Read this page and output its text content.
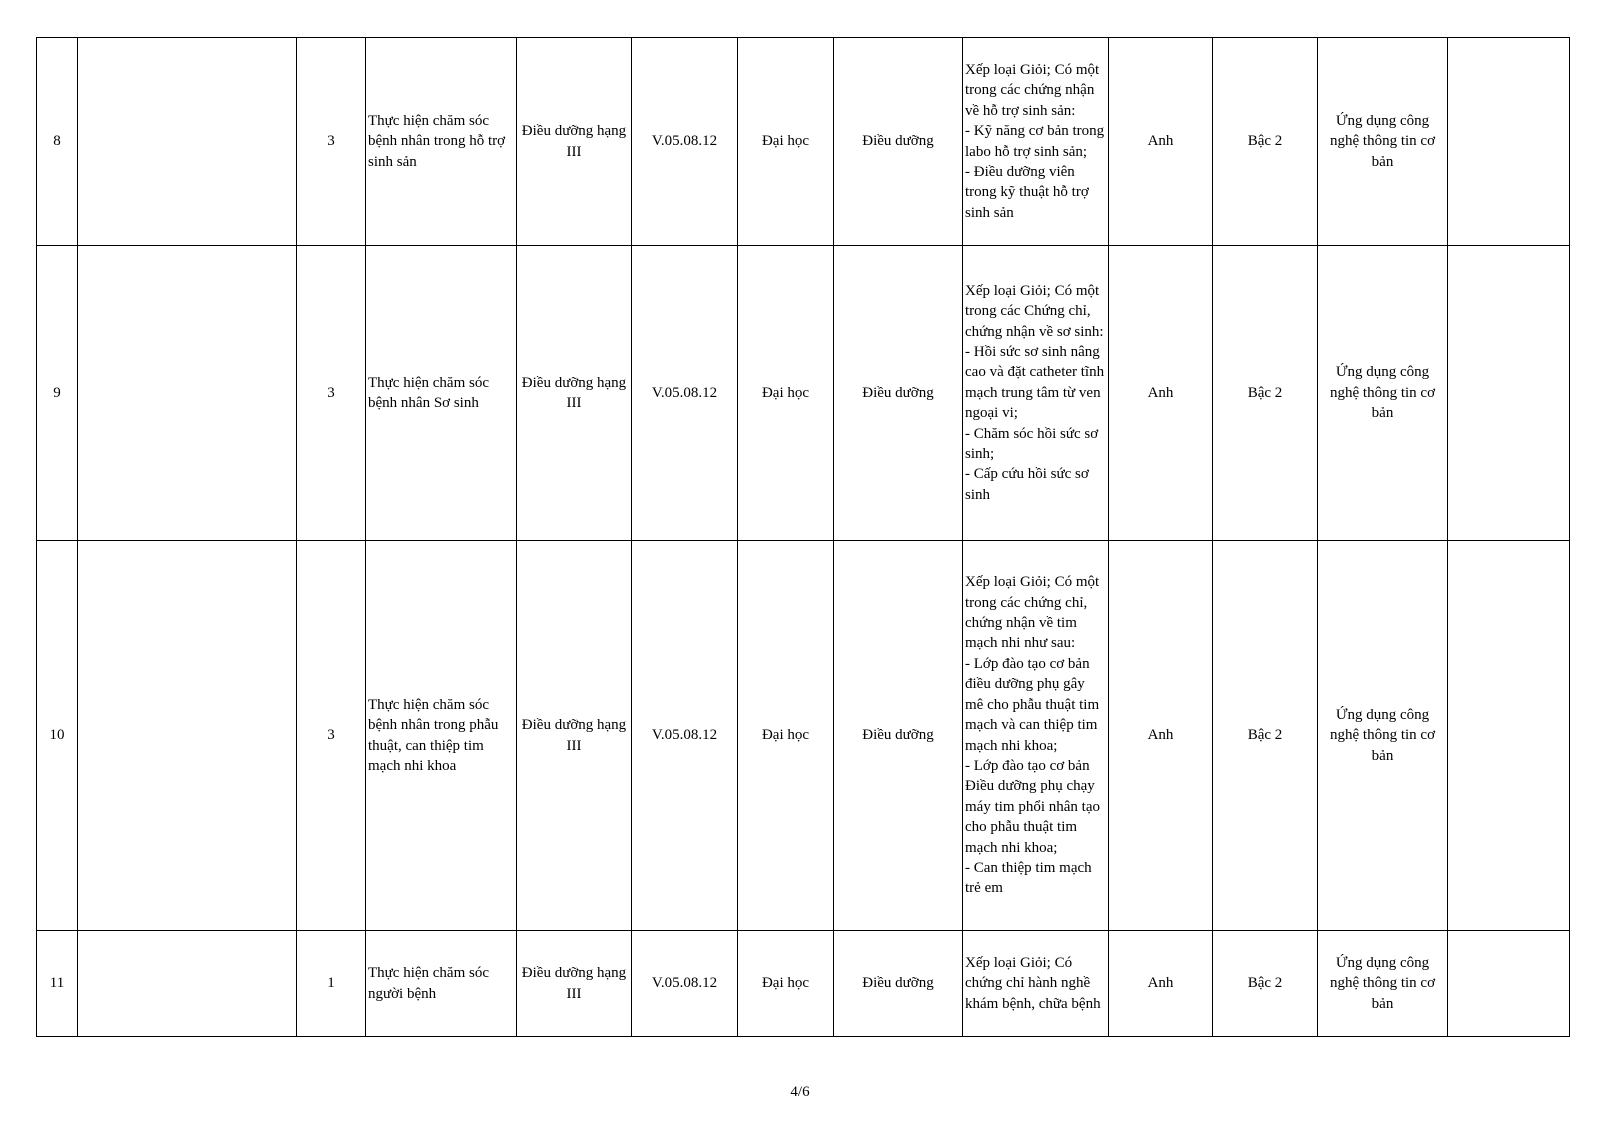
8		3	Thực hiện chăm sóc bệnh nhân trong hỗ trợ sinh sản	Điều dưỡng hạng III	V.05.08.12	Đại học	Điều dưỡng	Xếp loại Giỏi; Có một trong các chứng nhận về hỗ trợ sinh sản:
- Kỹ năng cơ bản trong labo hỗ trợ sinh sản;
- Điều dưỡng viên trong kỹ thuật hỗ trợ sinh sản	Anh	Bậc 2	Ứng dụng công nghệ thông tin cơ bản	
9		3	Thực hiện chăm sóc bệnh nhân Sơ sinh	Điều dưỡng hạng III	V.05.08.12	Đại học	Điều dưỡng	Xếp loại Giỏi; Có một trong các Chứng chỉ, chứng nhận về sơ sinh:
- Hồi sức sơ sinh nâng cao và đặt catheter tĩnh mạch trung tâm từ ven ngoại vi;
- Chăm sóc hồi sức sơ sinh;
- Cấp cứu hồi sức sơ sinh	Anh	Bậc 2	Ứng dụng công nghệ thông tin cơ bản	
10		3	Thực hiện chăm sóc bệnh nhân trong phẫu thuật, can thiệp tim mạch nhi khoa	Điều dưỡng hạng III	V.05.08.12	Đại học	Điều dưỡng	Xếp loại Giỏi; Có một trong các chứng chỉ, chứng nhận về tim mạch nhi như sau:
- Lớp đào tạo cơ bản điều dưỡng phụ gây mê cho phẫu thuật tim mạch và can thiệp tim mạch nhi khoa;
- Lớp đào tạo cơ bản Điều dưỡng phụ chạy máy tim phổi nhân tạo cho phẫu thuật tim mạch nhi khoa;
- Can thiệp tim mạch trẻ em	Anh	Bậc 2	Ứng dụng công nghệ thông tin cơ bản	
11		1	Thực hiện chăm sóc người bệnh	Điều dưỡng hạng III	V.05.08.12	Đại học	Điều dưỡng	Xếp loại Giỏi; Có chứng chỉ hành nghề khám bệnh, chữa bệnh	Anh	Bậc 2	Ứng dụng công nghệ thông tin cơ bản	
4/6
